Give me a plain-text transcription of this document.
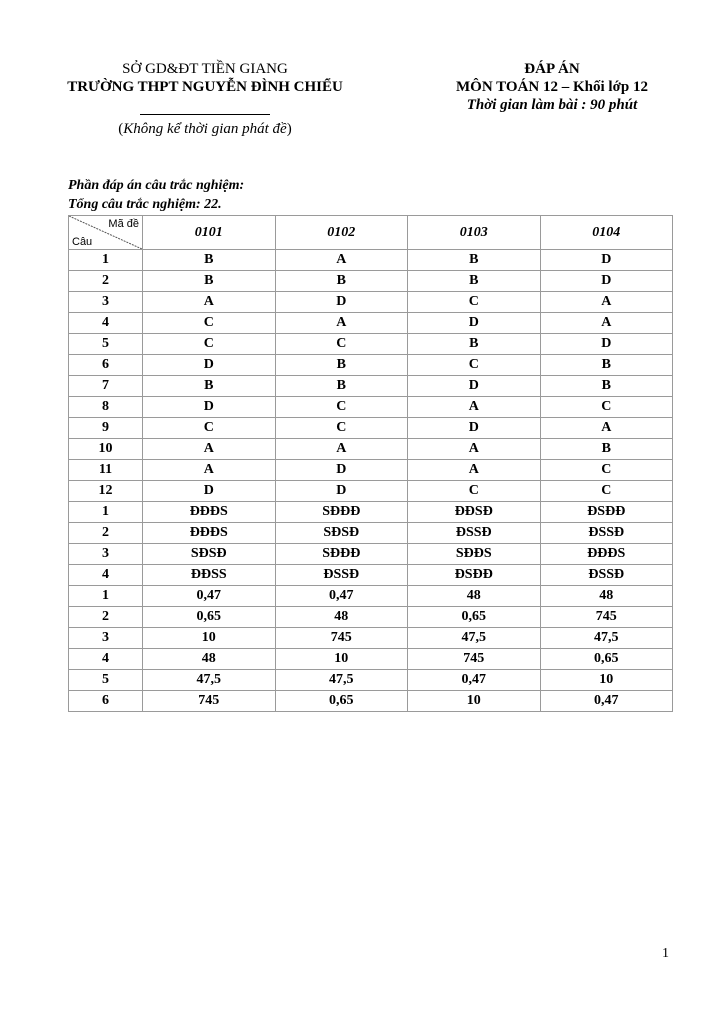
SỞ GD&ĐT TIỀN GIANG
TRƯỜNG THPT NGUYỄN ĐÌNH CHIỂU
(Không kể thời gian phát đề)
ĐÁP ÁN
MÔN TOÁN 12 – Khối lớp 12
Thời gian làm bài : 90 phút
Phần đáp án câu trắc nghiệm:
Tổng câu trắc nghiệm: 22.
Mã đề
Câu	0101	0102	0103	0104
1	B	A	B	D
2	B	B	B	D
3	A	D	C	A
4	C	A	D	A
5	C	C	B	D
6	D	B	C	B
7	B	B	D	B
8	D	C	A	C
9	C	C	D	A
10	A	A	A	B
11	A	D	A	C
12	D	D	C	C
1	ĐĐĐS	SĐĐĐ	ĐĐSĐ	ĐSĐĐ
2	ĐĐĐS	SĐSĐ	ĐSSĐ	ĐSSĐ
3	SĐSĐ	SĐĐĐ	SĐĐS	ĐĐĐS
4	ĐĐSS	ĐSSĐ	ĐSĐĐ	ĐSSĐ
1	0,47	0,47	48	48
2	0,65	48	0,65	745
3	10	745	47,5	47,5
4	48	10	745	0,65
5	47,5	47,5	0,47	10
6	745	0,65	10	0,47
1
